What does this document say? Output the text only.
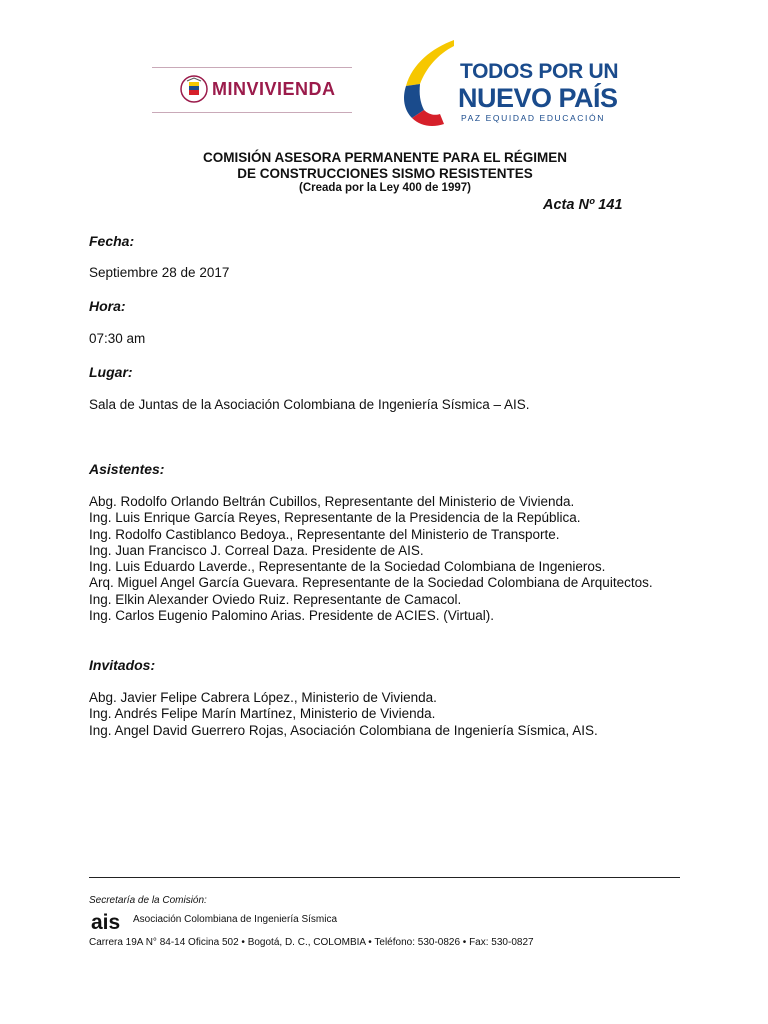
MINVIVIENDA
TODOS POR UN
NUEVO PAÍS
PAZ EQUIDAD EDUCACIÓN
COMISIÓN ASESORA PERMANENTE PARA EL RÉGIMEN
DE CONSTRUCCIONES SISMO RESISTENTES
(Creada por la Ley 400 de 1997)
Acta Nº 141
Fecha:
Septiembre 28 de 2017
Hora:
07:30 am
Lugar:
Sala de Juntas de la Asociación Colombiana de Ingeniería Sísmica – AIS.
Asistentes:
Abg. Rodolfo Orlando Beltrán Cubillos, Representante del Ministerio de Vivienda.
Ing. Luis Enrique García Reyes, Representante de la Presidencia de la República.
Ing. Rodolfo Castiblanco Bedoya., Representante del Ministerio de Transporte.
Ing. Juan Francisco J. Correal Daza. Presidente de AIS.
Ing. Luis Eduardo Laverde., Representante de la Sociedad Colombiana de Ingenieros.
Arq. Miguel Angel García Guevara. Representante de la Sociedad Colombiana de Arquitectos.
Ing. Elkin Alexander Oviedo Ruiz. Representante de Camacol.
Ing. Carlos Eugenio Palomino Arias. Presidente de ACIES. (Virtual).
Invitados:
Abg. Javier Felipe Cabrera López., Ministerio de Vivienda.
Ing. Andrés Felipe Marín Martínez, Ministerio de Vivienda.
Ing. Angel David Guerrero Rojas, Asociación Colombiana de Ingeniería Sísmica, AIS.
Secretaría de la Comisión:
ais Asociación Colombiana de Ingeniería Sísmica
Carrera 19A N° 84-14 Oficina 502 • Bogotá, D. C., COLOMBIA • Teléfono: 530-0826 • Fax: 530-0827
